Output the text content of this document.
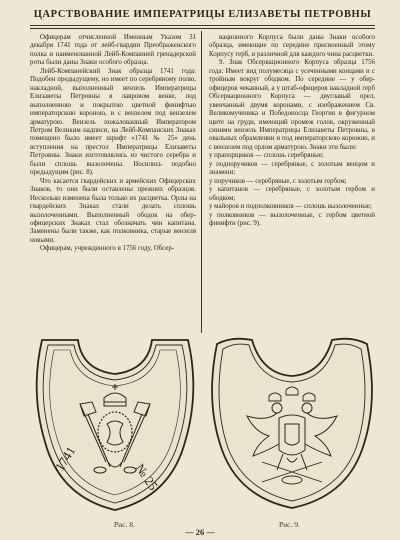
ЦАРСТВОВАНИЕ ИМПЕРАТРИЦЫ ЕЛИЗАВЕТЫ ПЕТРОВНЫ

Офицерам отчисленной Именным Указом 31 декабря 1741 года от лейб-гвардии Преображенского полка и наименованной Лейб-Компанией гренадерской роты были даны Знаки особого образца.

Лейб-Компанейский Знак образца 1741 года: Подобен предыдущему, но имеет по серебряному полю, накладной, выполненный вензель Императрицы Елизаветы Петровны в лавровом венке, под выполненною и покрытою цветной финифтью императорскою короною, и с вензелем под вензелем арматурою. Вензель пожалованный Императором Петром Великим надписи, на Лейб-Компанских Знаках помещено было имеет шрифт «1741 № 25» день вступления на престол Императрицы Елизаветы Петровны. Знаки изготовлялись из чистого серебра и были сплошь вызолочены. Носились подобно предыдущим (рис. 8).

Что касается гвардейских и армейских Офицерских Знаков, то они были оставлены прежних образцов. Несколько изменена была только их расцветка. Орлы на гвардейских Знаках стали делать сплошь вызолоченными. Выполненный ободок на обер-офицерских Знаках стал обозначать чин капитана. Заменены были также, как полковника, старые вензеля новыми.

Офицерам, учрежденного в 1756 году, Обсер-

вационного Корпуса были даны Знаки особого образца, имеющие по середине присвоенный этому Корпусу герб, и различной для каждого чина расцветки.

9. Знак Обсервационного Корпуса образца 1756 года: Имеет вид полумесяца с усеченными концами и с тройным вокруг ободком. По середине — у обер-офицеров чеканный, а у штаб-офицеров накладной герб Обсервационного Корпуса — двуглавый орел, увенчанный двумя коронами, с изображением Св. Великомученика и Победоносца Георгия в фигурном щите на груди, имеющий промеж голов, окруженный синими вензель Императрицы Елизаветы Петровны, в овальных обрамлении и под императорскою короною, и с вензелем под орлом арматурою. Знаки эти были:

у прапорщиков — сплошь серебряные;

у подпоручиков — серебряные, с золотым венцом и знамени;

у поручиков — серебряные, с золотым гербом;

у капитанов — серебряные, с золотым гербом и ободком;

у майоров и подполковников — сплошь вызолоченные;

у полковников — вызолоченные, с гербом цветной финифти (рис. 9).

1741
№ 25
Рис. 8.	Рис. 9.
— 26 —
